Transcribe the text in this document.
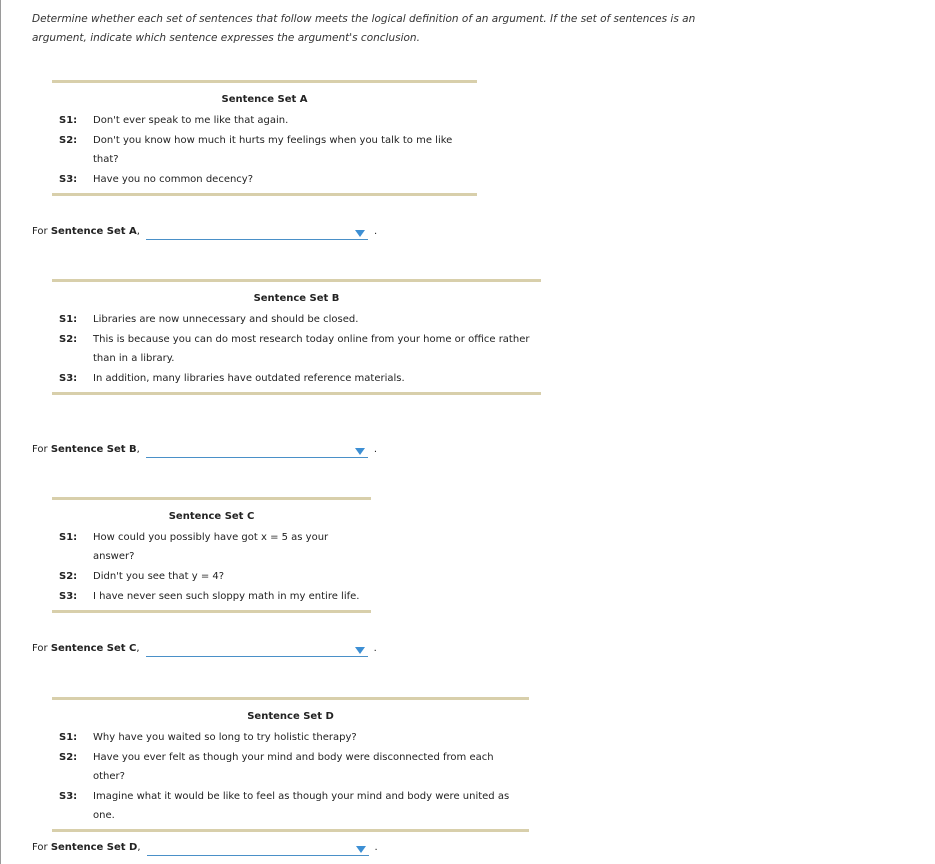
Determine whether each set of sentences that follow meets the logical definition of an argument. If the set of sentences is an argument, indicate which sentence expresses the argument's conclusion.
Sentence Set A
S1:	Don't ever speak to me like that again.
S2:	Don't you know how much it hurts my feelings when you talk to me like that?
S3:	Have you no common decency?
For
Sentence Set A ,	.
Sentence Set B
S1:	Libraries are now unnecessary and should be closed.
S2:	This is because you can do most research today online from your home or office rather than in a library.
S3:	In addition, many libraries have outdated reference materials.
For
Sentence Set B ,	.
Sentence Set C
S1:	How could you possibly have got x = 5 as your answer?
S2:	Didn't you see that y = 4?
S3:	I have never seen such sloppy math in my entire life.
For
Sentence Set C ,	.
Sentence Set D
S1:	Why have you waited so long to try holistic therapy?
S2:	Have you ever felt as though your mind and body were disconnected from each other?
S3:	Imagine what it would be like to feel as though your mind and body were united as one.
For
Sentence Set D ,	.
